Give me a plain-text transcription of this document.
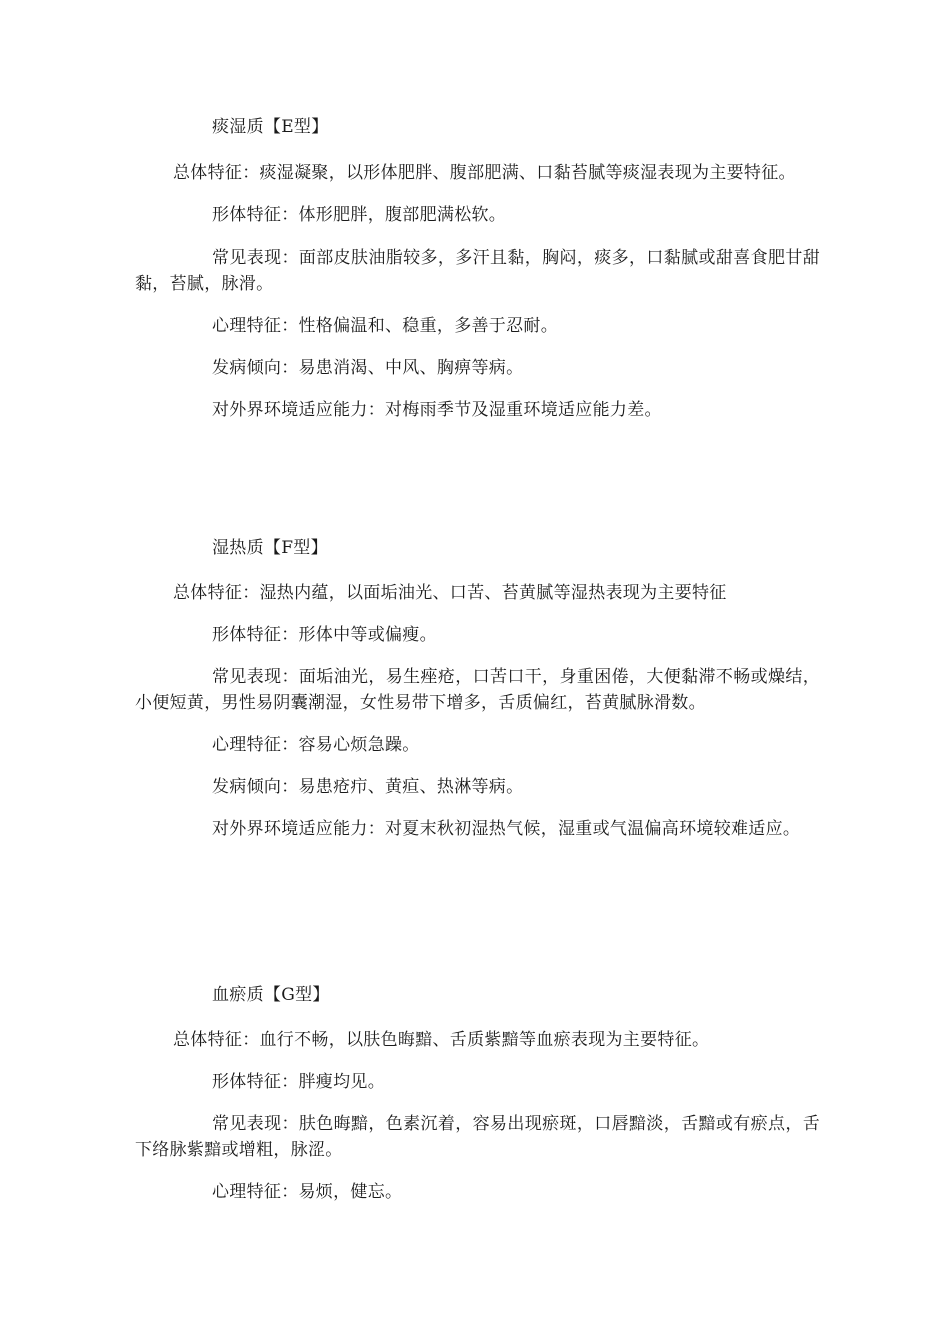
痰湿质【E型】

总体特征：痰湿凝聚，以形体肥胖、腹部肥满、口黏苔腻等痰湿表现为主要特征。

形体特征：体形肥胖，腹部肥满松软。

常见表现：面部皮肤油脂较多，多汗且黏，胸闷，痰多，口黏腻或甜喜食肥甘甜黏，苔腻，脉滑。

心理特征：性格偏温和、稳重，多善于忍耐。

发病倾向：易患消渴、中风、胸痹等病。

对外界环境适应能力：对梅雨季节及湿重环境适应能力差。

湿热质【F型】

总体特征：湿热内蕴，以面垢油光、口苦、苔黄腻等湿热表现为主要特征

形体特征：形体中等或偏瘦。

常见表现：面垢油光，易生痤疮，口苦口干，身重困倦，大便黏滞不畅或燥结，小便短黄，男性易阴囊潮湿，女性易带下增多，舌质偏红，苔黄腻脉滑数。

心理特征：容易心烦急躁。

发病倾向：易患疮疖、黄疸、热淋等病。

对外界环境适应能力：对夏末秋初湿热气候，湿重或气温偏高环境较难适应。

血瘀质【G型】

总体特征：血行不畅，以肤色晦黯、舌质紫黯等血瘀表现为主要特征。

形体特征：胖瘦均见。

常见表现：肤色晦黯，色素沉着，容易出现瘀斑，口唇黯淡，舌黯或有瘀点，舌下络脉紫黯或增粗，脉涩。

心理特征：易烦，健忘。
